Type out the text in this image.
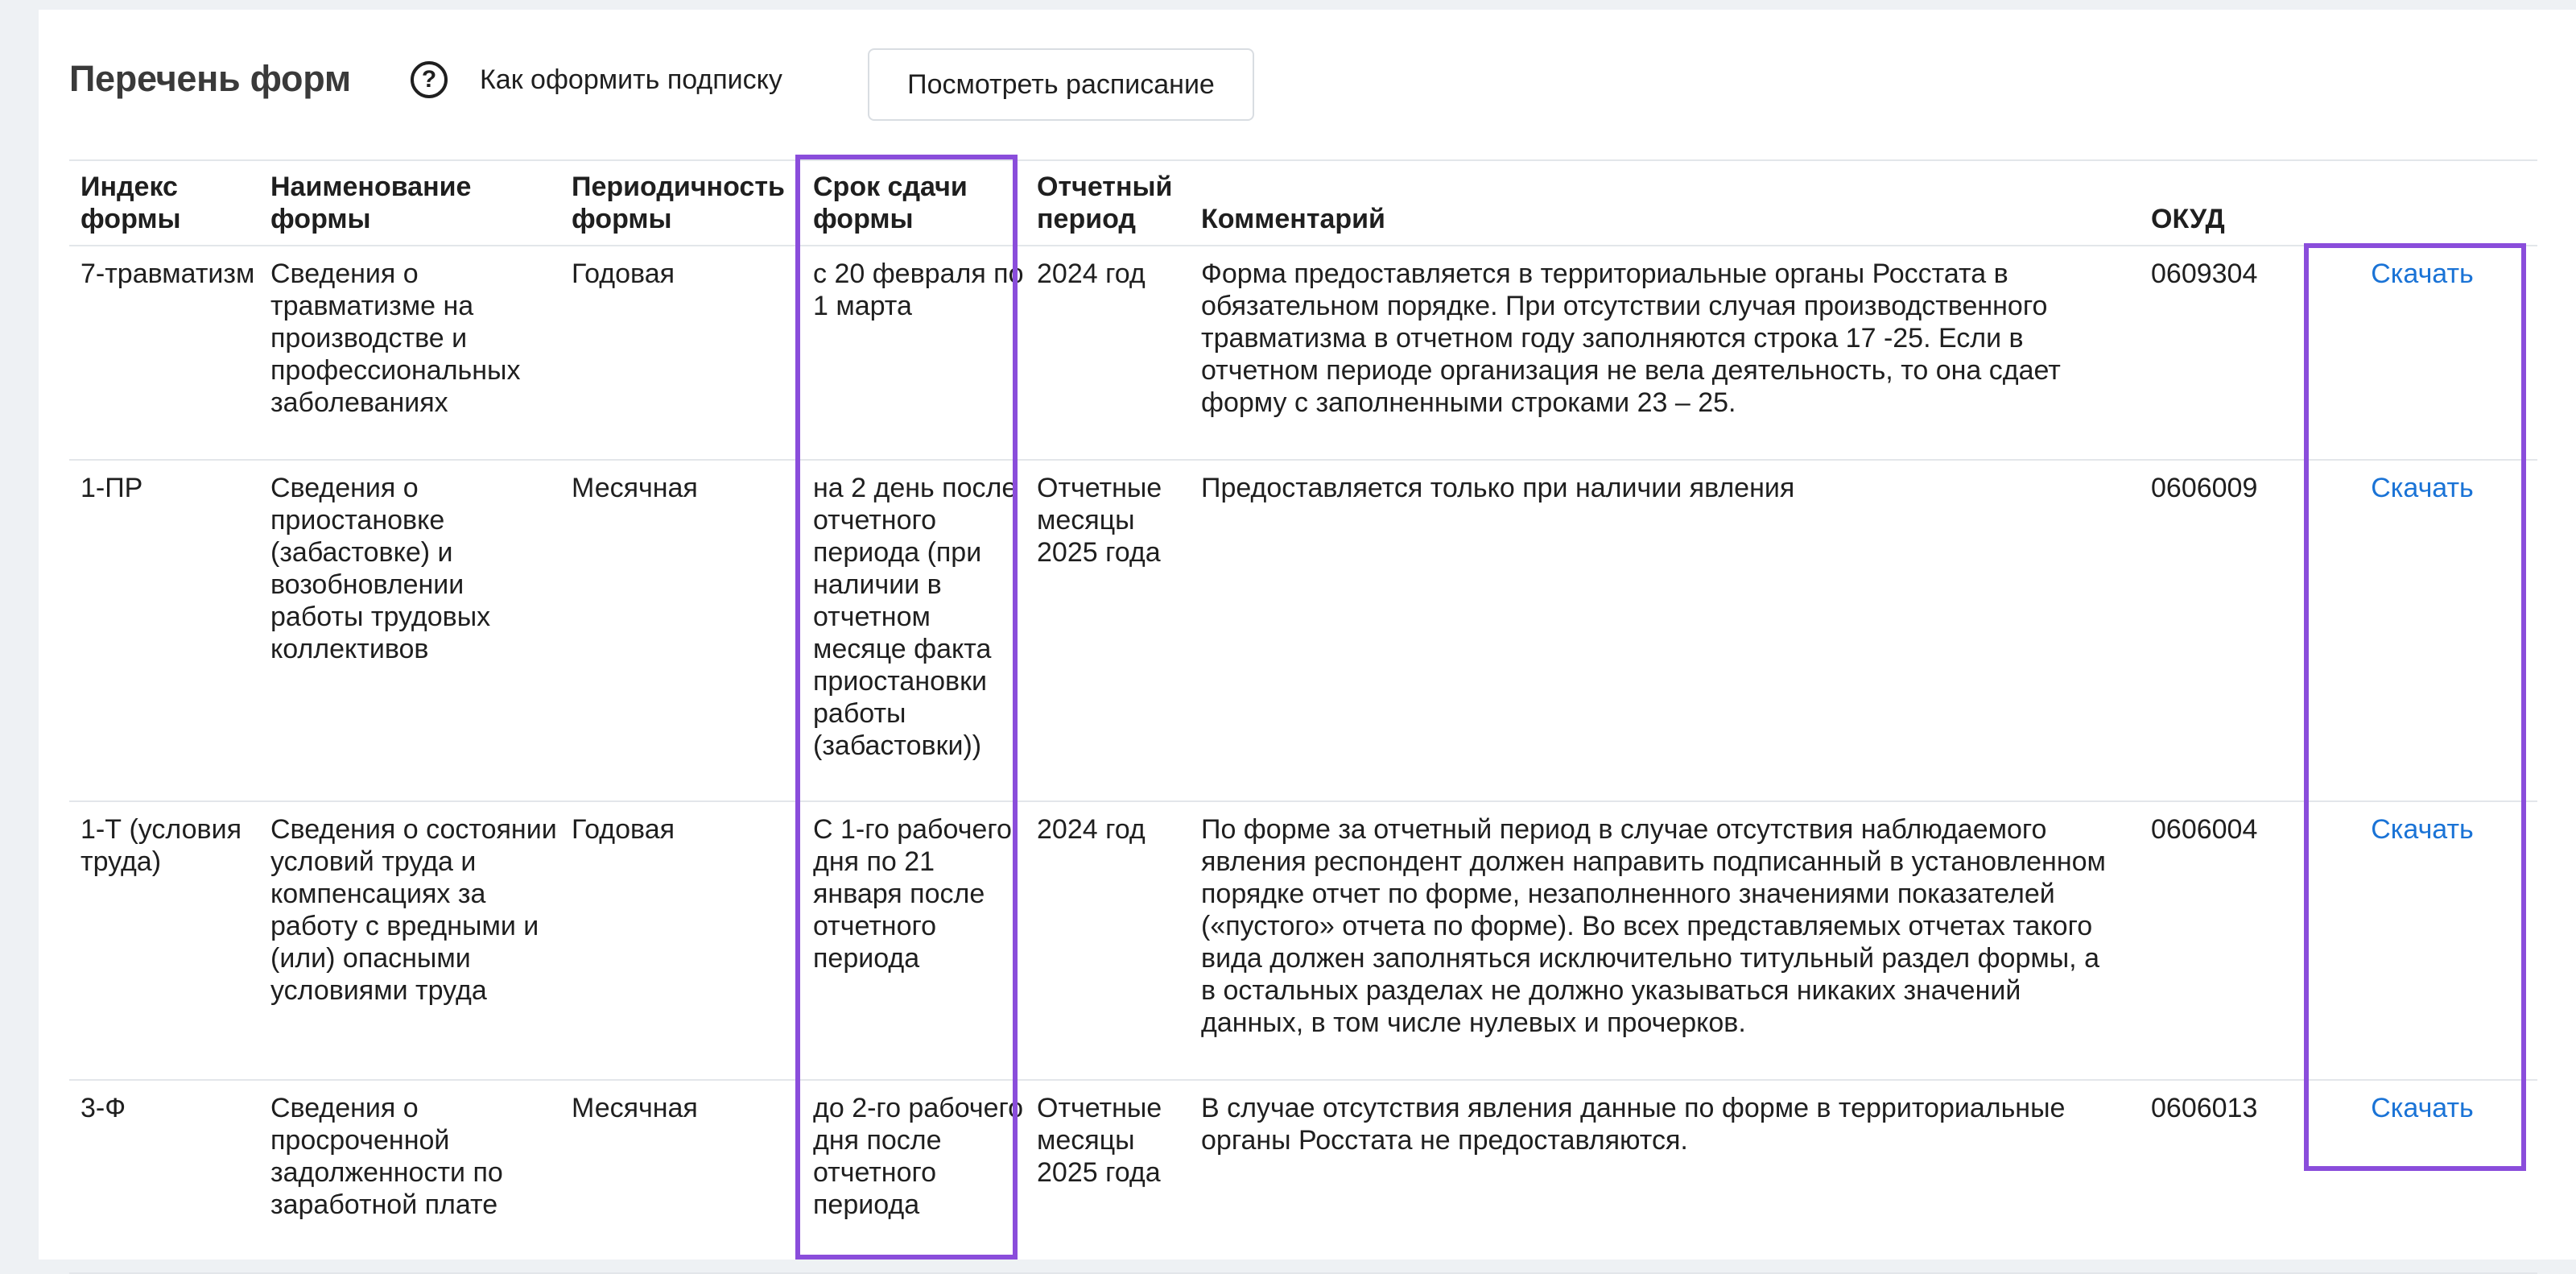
Перечень форм	?	Как оформить подписку	Посмотреть расписание
Индекс формы	Наименование формы	Периодичность формы	Срок сдачи формы	Отчетный период	Комментарий	ОКУД	
7-травматизм	Сведения о травматизме на производстве и профессиональных заболеваниях	Годовая	с 20 февраля по 1 марта	2024 год	Форма предоставляется в территориальные органы Росстата в обязательном порядке. При отсутствии случая производственного травматизма в отчетном году заполняются строка 17 -25. Если в отчетном периоде организация не вела деятельность, то она сдает форму с заполненными строками 23 – 25.	0609304	Скачать

1-ПР	Сведения о приостановке (забастовке) и возобновлении работы трудовых коллективов	Месячная	на 2 день после отчетного периода (при наличии в отчетном месяце факта приостановки работы (забастовки))	Отчетные месяцы 2025 года	Предоставляется только при наличии явления	0606009	Скачать

1-Т (условия труда)	Сведения о состоянии условий труда и компенсациях за работу с вредными и (или) опасными условиями труда	Годовая	С 1-го рабочего дня по 21 января после отчетного периода	2024 год	По форме за отчетный период в случае отсутствия наблюдаемого явления респондент должен направить подписанный в установленном порядке отчет по форме, незаполненного значениями показателей («пустого» отчета по форме). Во всех представляемых отчетах такого вида должен заполняться исключительно титульный раздел формы, а в остальных разделах не должно указываться никаких значений данных, в том числе нулевых и прочерков.	0606004	Скачать

3-Ф	Сведения о просроченной задолженности по заработной плате	Месячная	до 2-го рабочего дня после отчетного периода	Отчетные месяцы 2025 года	В случае отсутствия явления данные по форме в территориальные органы Росстата не предоставляются.	0606013	Скачать
